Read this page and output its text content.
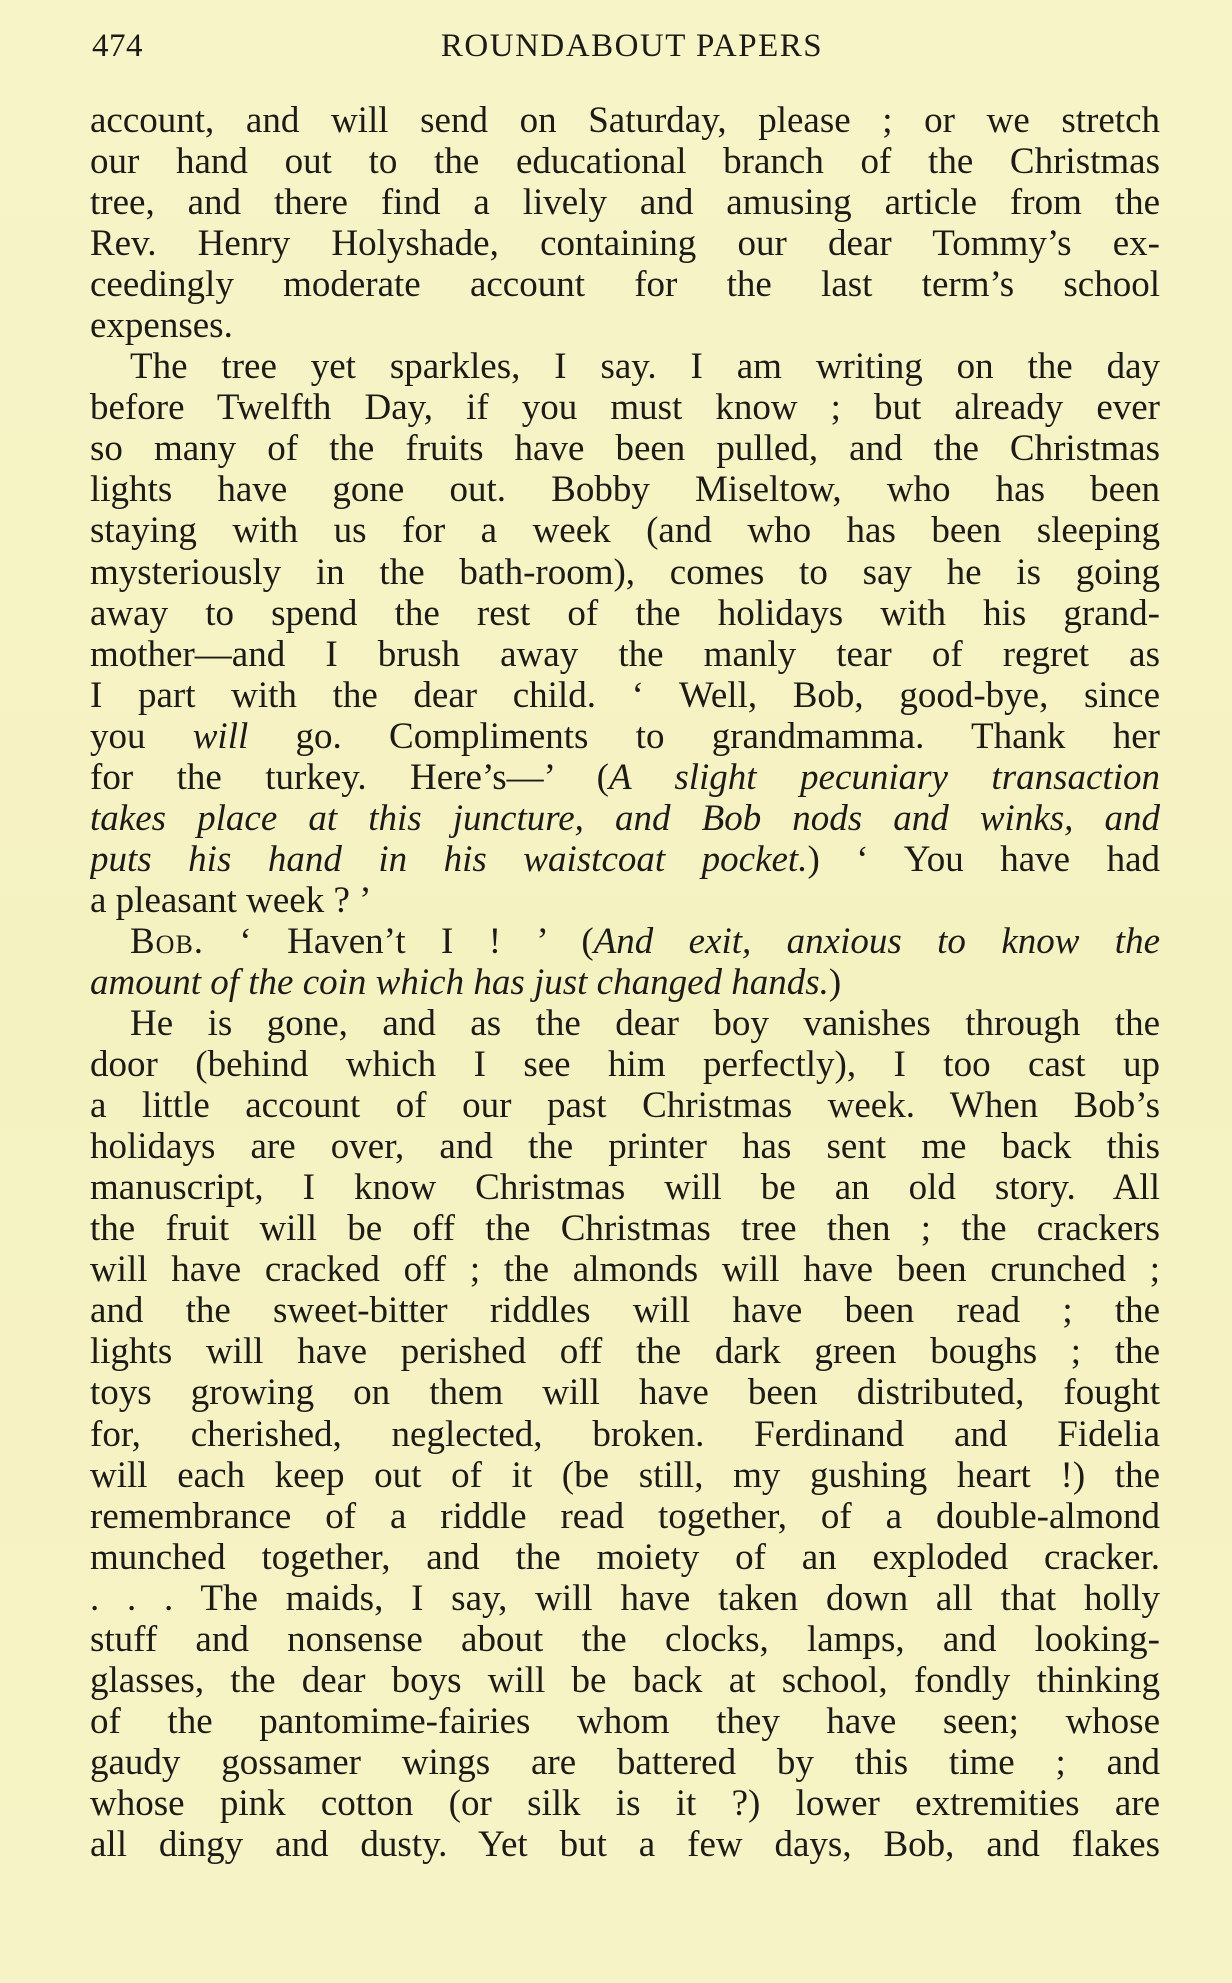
474	ROUNDABOUT PAPERS
account, and will send on Saturday, please ; or we stretch
our hand out to the educational branch of the Christmas
tree, and there find a lively and amusing article from the
Rev. Henry Holyshade, containing our dear Tommy’s ex-
ceedingly moderate account for the last term’s school
expenses.
The tree yet sparkles, I say. I am writing on the day
before Twelfth Day, if you must know ; but already ever
so many of the fruits have been pulled, and the Christmas
lights have gone out. Bobby Miseltow, who has been
staying with us for a week (and who has been sleeping
mysteriously in the bath-room), comes to say he is going
away to spend the rest of the holidays with his grand-
mother—and I brush away the manly tear of regret as
I part with the dear child. ‘ Well, Bob, good-bye, since
you will go. Compliments to grandmamma. Thank her
for the turkey. Here’s—’ (A slight pecuniary transaction
takes place at this juncture, and Bob nods and winks, and
puts his hand in his waistcoat pocket.) ‘ You have had
a pleasant week ? ’
Bob. ‘ Haven’t I ! ’ (And exit, anxious to know the
amount of the coin which has just changed hands.)
He is gone, and as the dear boy vanishes through the
door (behind which I see him perfectly), I too cast up
a little account of our past Christmas week. When Bob’s
holidays are over, and the printer has sent me back this
manuscript, I know Christmas will be an old story. All
the fruit will be off the Christmas tree then ; the crackers
will have cracked off ; the almonds will have been crunched ;
and the sweet-bitter riddles will have been read ; the
lights will have perished off the dark green boughs ; the
toys growing on them will have been distributed, fought
for, cherished, neglected, broken. Ferdinand and Fidelia
will each keep out of it (be still, my gushing heart !) the
remembrance of a riddle read together, of a double-almond
munched together, and the moiety of an exploded cracker.
. . . The maids, I say, will have taken down all that holly
stuff and nonsense about the clocks, lamps, and looking-
glasses, the dear boys will be back at school, fondly thinking
of the pantomime-fairies whom they have seen; whose
gaudy gossamer wings are battered by this time ; and
whose pink cotton (or silk is it ?) lower extremities are
all dingy and dusty. Yet but a few days, Bob, and flakes
